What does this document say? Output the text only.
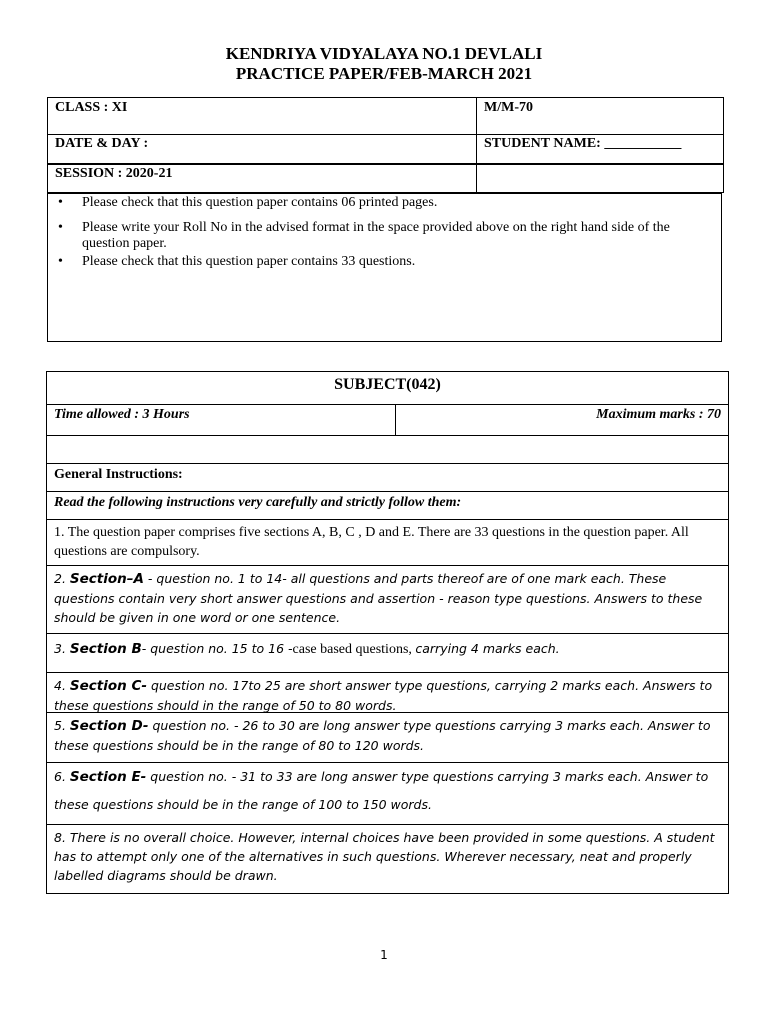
KENDRIYA VIDYALAYA NO.1 DEVLALI
PRACTICE PAPER/FEB-MARCH 2021
CLASS : XI	M/M-70
DATE & DAY :	STUDENT NAME: ___________
SESSION : 2020-21
• Please check that this question paper contains 06 printed pages.
• Please write your Roll No in the advised format in the space provided above on the right hand side of the question paper.
• Please check that this question paper contains 33 questions.
SUBJECT(042)
Time allowed : 3 Hours	Maximum marks : 70
General Instructions:
Read the following instructions very carefully and strictly follow them:
1. The question paper comprises five sections A, B, C , D and E. There are 33 questions in the question paper. All questions are compulsory.
2. Section–A - question no. 1 to 14- all questions and parts thereof are of one mark each. These questions contain very short answer questions and assertion - reason type questions. Answers to these should be given in one word or one sentence.
3. Section B- question no. 15 to 16 -case based questions, carrying 4 marks each.
4. Section C- question no. 17to 25 are short answer type questions, carrying 2 marks each. Answers to these questions should in the range of 50 to 80 words.
5. Section D- question no. - 26 to 30 are long answer type questions carrying 3 marks each. Answer to these questions should be in the range of 80 to 120 words.
6. Section E- question no. - 31 to 33 are long answer type questions carrying 3 marks each. Answer to
these questions should be in the range of 100 to 150 words.
8. There is no overall choice. However, internal choices have been provided in some questions. A student has to attempt only one of the alternatives in such questions. Wherever necessary, neat and properly labelled diagrams should be drawn.
1
